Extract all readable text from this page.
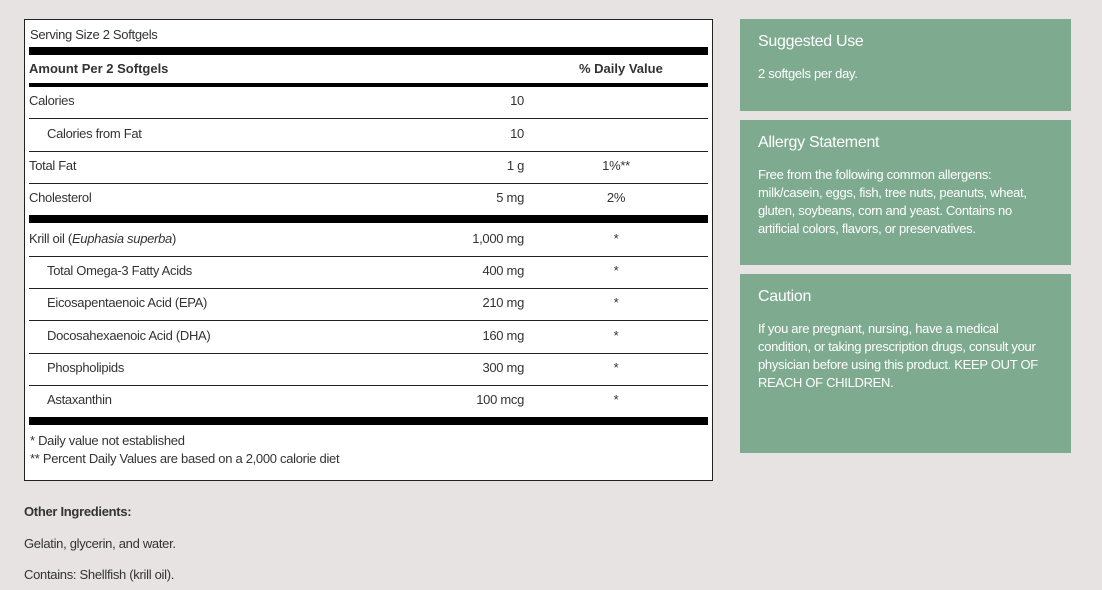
Serving Size 2 Softgels
Amount Per 2 Softgels	% Daily Value
Calories	10
Calories from Fat	10
Total Fat	1 g	1%**
Cholesterol	5 mg	2%
Krill oil (Euphasia superba)	1,000 mg	*
Total Omega-3 Fatty Acids	400 mg	*
Eicosapentaenoic Acid (EPA)	210 mg	*
Docosahexaenoic Acid (DHA)	160 mg	*
Phospholipids	300 mg	*
Astaxanthin	100 mcg	*
* Daily value not established
** Percent Daily Values are based on a 2,000 calorie diet
Other Ingredients:
Gelatin, glycerin, and water.
Contains: Shellfish (krill oil).
Suggested Use

2 softgels per day.

Allergy Statement

Free from the following common allergens: milk/casein, eggs, fish, tree nuts, peanuts, wheat, gluten, soybeans, corn and yeast. Contains no artificial colors, flavors, or preservatives.

Caution

If you are pregnant, nursing, have a medical condition, or taking prescription drugs, consult your physician before using this product. KEEP OUT OF REACH OF CHILDREN.
